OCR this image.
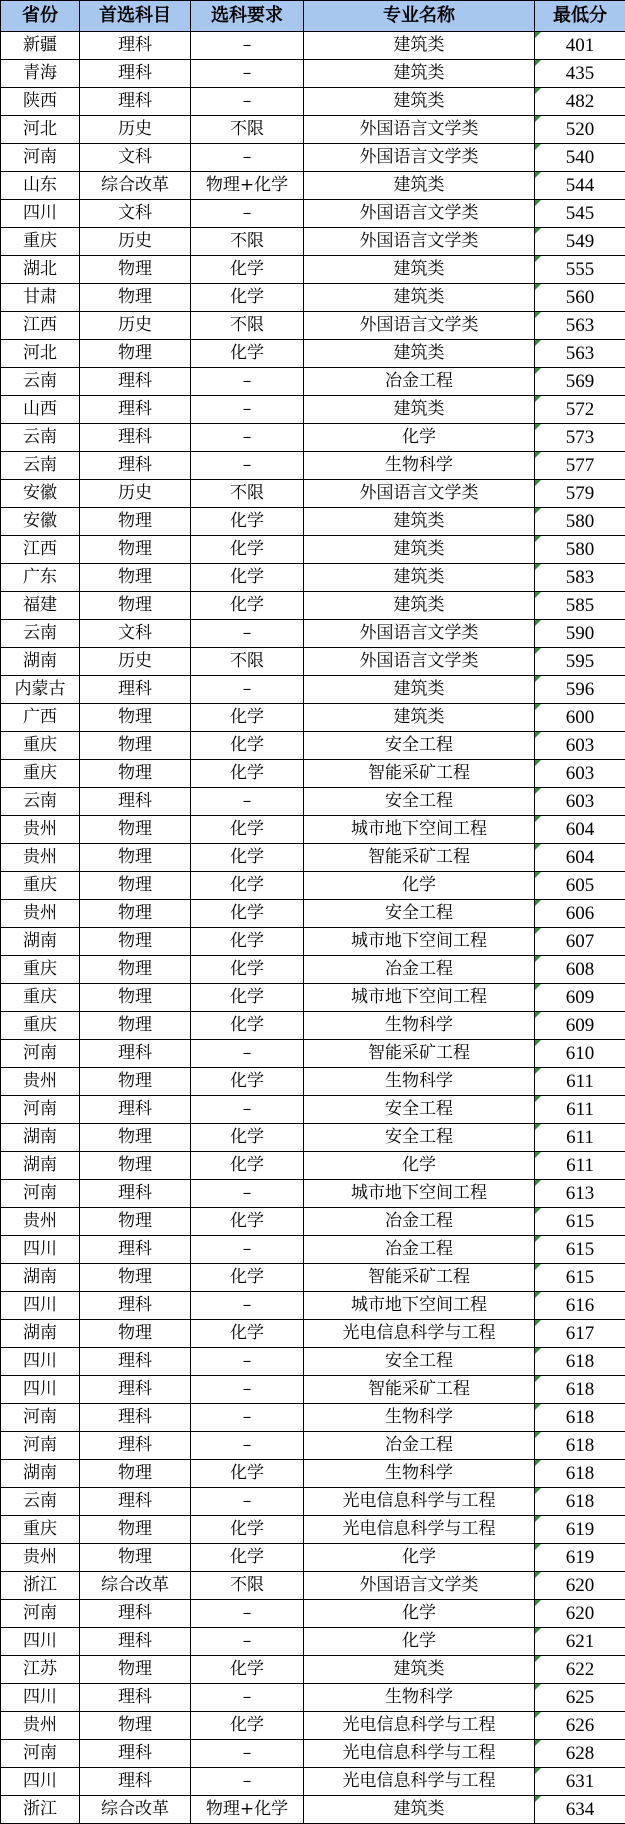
省份	首选科目	选科要求	专业名称	最低分
新疆	理科	–	建筑类	401
青海	理科	–	建筑类	435
陕西	理科	–	建筑类	482
河北	历史	不限	外国语言文学类	520
河南	文科	–	外国语言文学类	540
山东	综合改革	物理+化学	建筑类	544
四川	文科	–	外国语言文学类	545
重庆	历史	不限	外国语言文学类	549
湖北	物理	化学	建筑类	555
甘肃	物理	化学	建筑类	560
江西	历史	不限	外国语言文学类	563
河北	物理	化学	建筑类	563
云南	理科	–	冶金工程	569
山西	理科	–	建筑类	572
云南	理科	–	化学	573
云南	理科	–	生物科学	577
安徽	历史	不限	外国语言文学类	579
安徽	物理	化学	建筑类	580
江西	物理	化学	建筑类	580
广东	物理	化学	建筑类	583
福建	物理	化学	建筑类	585
云南	文科	–	外国语言文学类	590
湖南	历史	不限	外国语言文学类	595
内蒙古	理科	–	建筑类	596
广西	物理	化学	建筑类	600
重庆	物理	化学	安全工程	603
重庆	物理	化学	智能采矿工程	603
云南	理科	–	安全工程	603
贵州	物理	化学	城市地下空间工程	604
贵州	物理	化学	智能采矿工程	604
重庆	物理	化学	化学	605
贵州	物理	化学	安全工程	606
湖南	物理	化学	城市地下空间工程	607
重庆	物理	化学	冶金工程	608
重庆	物理	化学	城市地下空间工程	609
重庆	物理	化学	生物科学	609
河南	理科	–	智能采矿工程	610
贵州	物理	化学	生物科学	611
河南	理科	–	安全工程	611
湖南	物理	化学	安全工程	611
湖南	物理	化学	化学	611
河南	理科	–	城市地下空间工程	613
贵州	物理	化学	冶金工程	615
四川	理科	–	冶金工程	615
湖南	物理	化学	智能采矿工程	615
四川	理科	–	城市地下空间工程	616
湖南	物理	化学	光电信息科学与工程	617
四川	理科	–	安全工程	618
四川	理科	–	智能采矿工程	618
河南	理科	–	生物科学	618
河南	理科	–	冶金工程	618
湖南	物理	化学	生物科学	618
云南	理科	–	光电信息科学与工程	618
重庆	物理	化学	光电信息科学与工程	619
贵州	物理	化学	化学	619
浙江	综合改革	不限	外国语言文学类	620
河南	理科	–	化学	620
四川	理科	–	化学	621
江苏	物理	化学	建筑类	622
四川	理科	–	生物科学	625
贵州	物理	化学	光电信息科学与工程	626
河南	理科	–	光电信息科学与工程	628
四川	理科	–	光电信息科学与工程	631
浙江	综合改革	物理+化学	建筑类	634
